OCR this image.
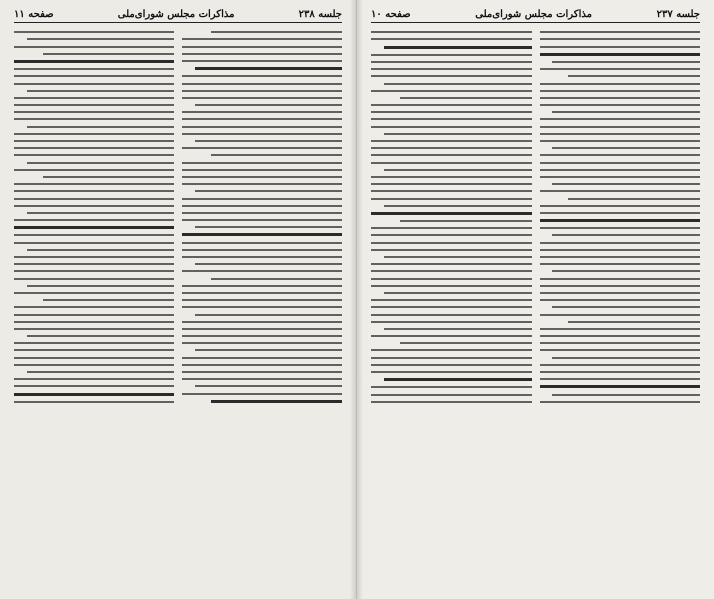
جلسه ۲۳۸
مذاکرات مجلس شورای‌ملی
صفحه ۱۱	جلسه ۲۳۷
مذاکرات مجلس شورای‌ملی
صفحه ۱۰
